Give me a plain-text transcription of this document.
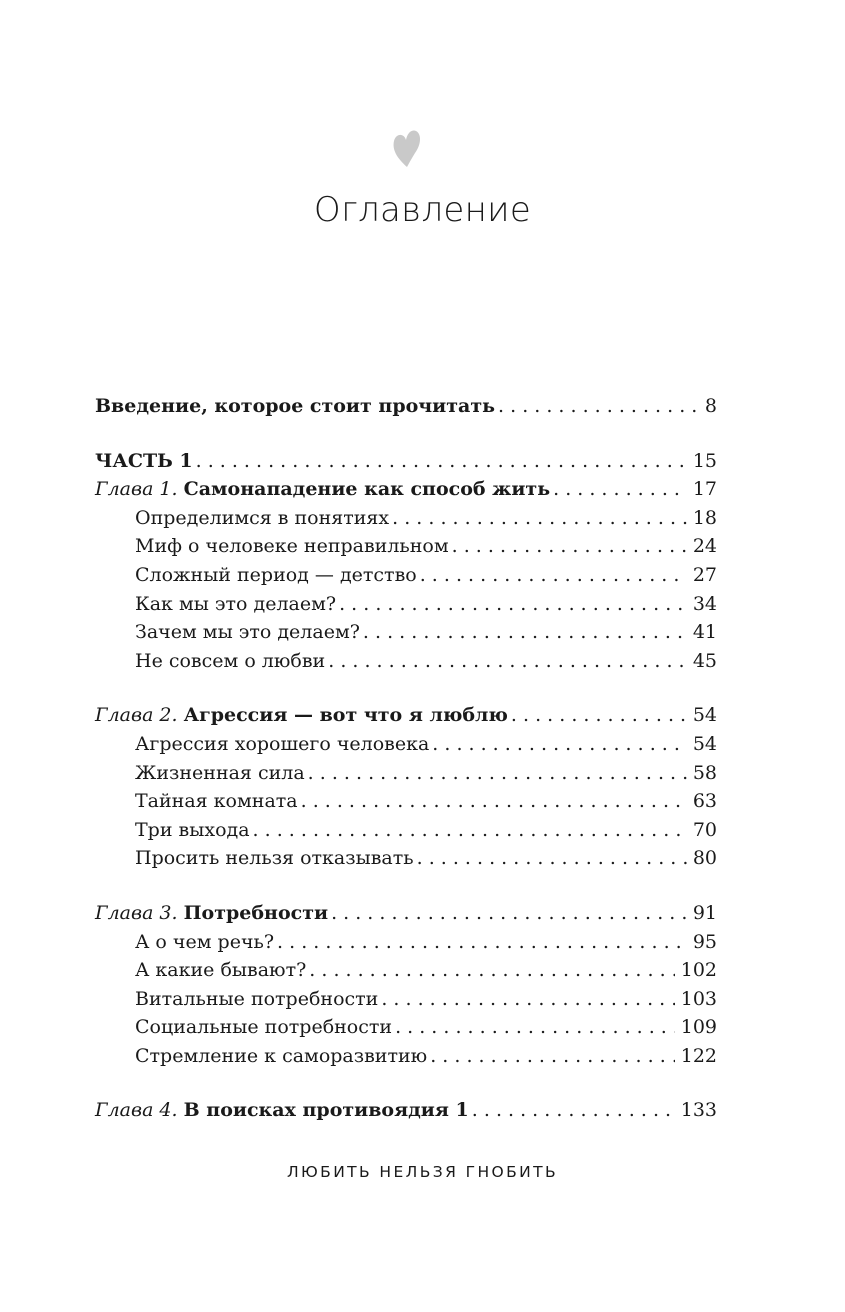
Оглавление
Введение, которое стоит прочитать . . .	8
ЧАСТЬ 1 . . .	15
Глава 1. Самонападение как способ жить . . .	17
Определимся в понятиях . . .	18
Миф о человеке неправильном . . .	24
Сложный период — детство . . .	27
Как мы это делаем? . . .	34
Зачем мы это делаем? . . .	41
Не совсем о любви . . .	45
Глава 2. Агрессия — вот что я люблю . . .	54
Агрессия хорошего человека . . .	54
Жизненная сила . . .	58
Тайная комната . . .	63
Три выхода . . .	70
Просить нельзя отказывать . . .	80
Глава 3. Потребности . . .	91
А о чем речь? . . .	95
А какие бывают? . . .	102
Витальные потребности . . .	103
Социальные потребности . . .	109
Стремление к саморазвитию . . .	122
Глава 4. В поисках противоядия 1 . . .	133
ЛЮБИТЬ НЕЛЬЗЯ ГНОБИТЬ
